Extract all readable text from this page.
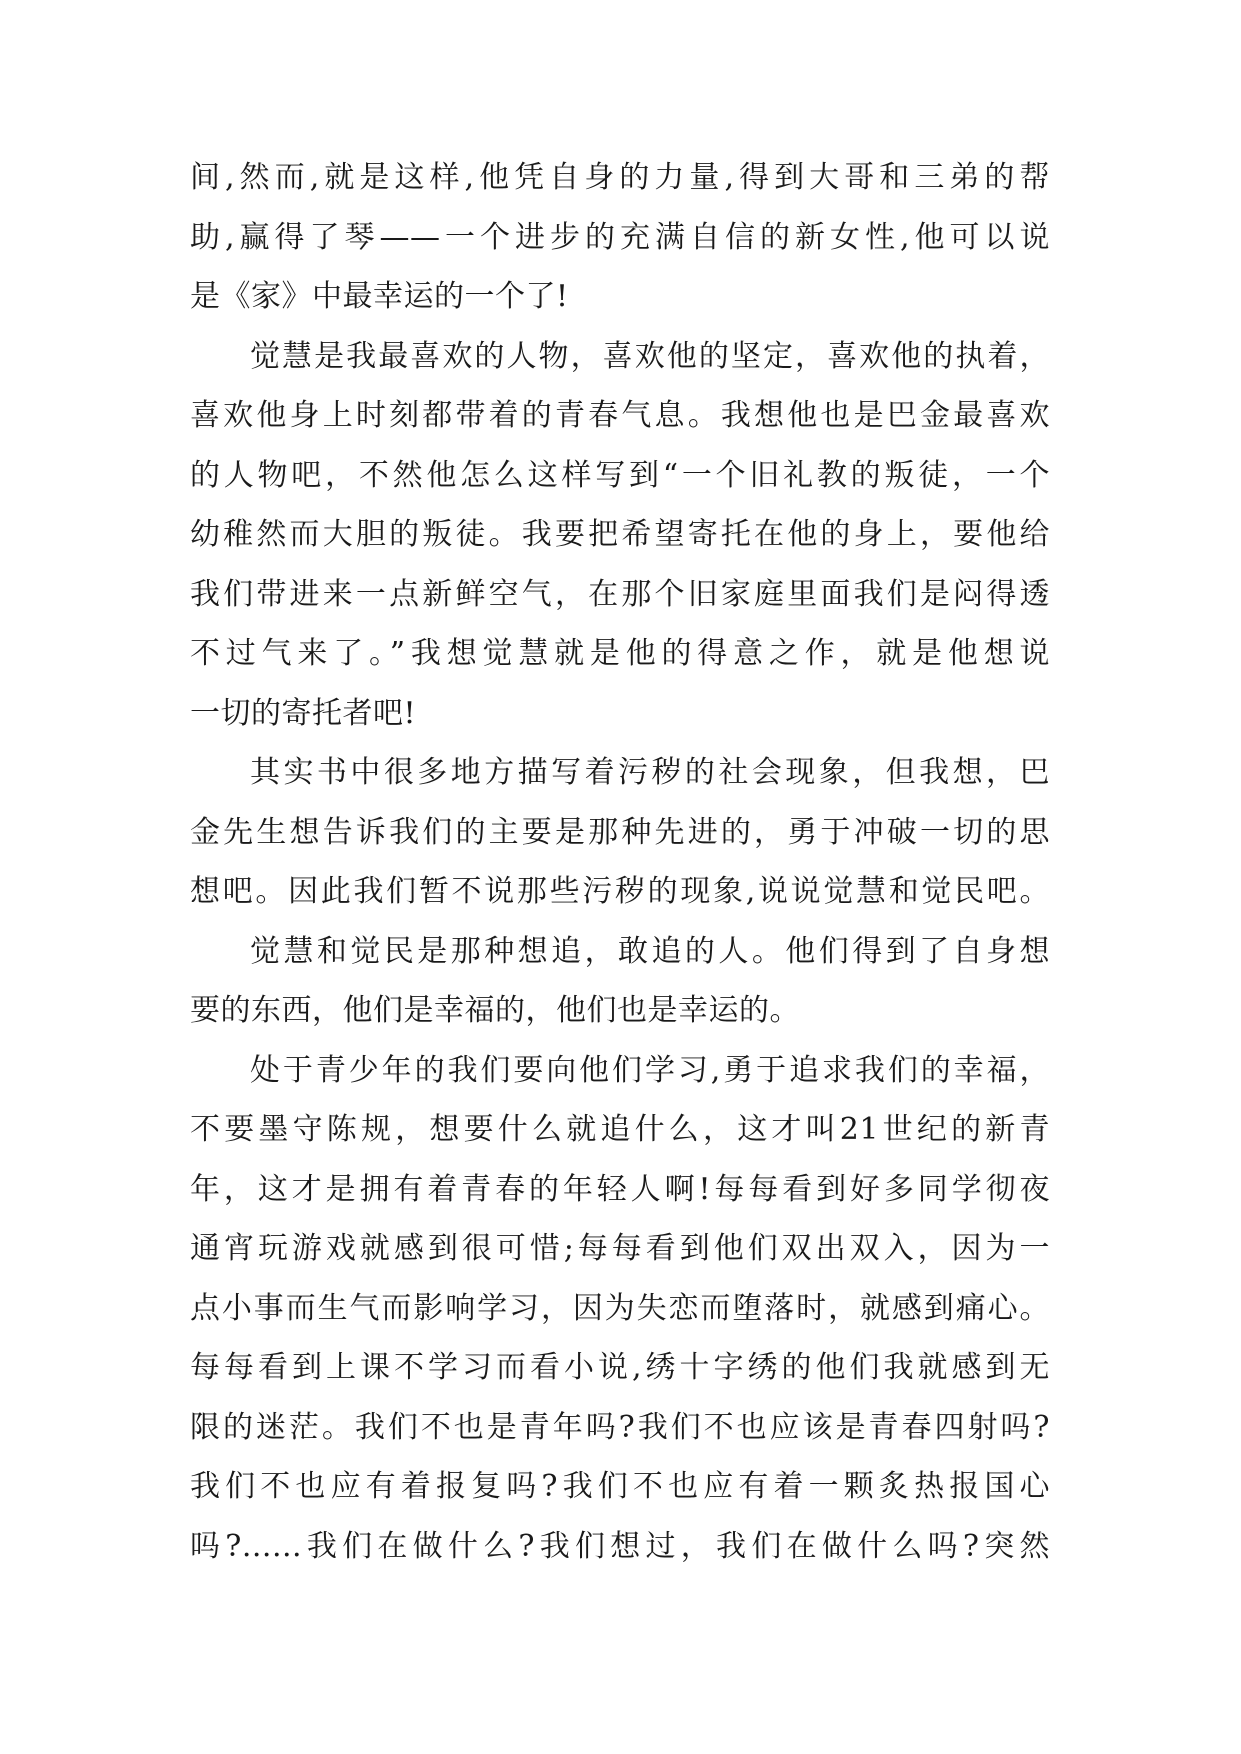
间,然而,就是这样,他凭自身的力量,得到大哥和三弟的帮
助,赢得了琴——一个进步的充满自信的新女性,他可以说
是《家》中最幸运的一个了!
觉慧是我最喜欢的人物，喜欢他的坚定，喜欢他的执着，
喜欢他身上时刻都带着的青春气息。我想他也是巴金最喜欢
的人物吧，不然他怎么这样写到“一个旧礼教的叛徒，一个
幼稚然而大胆的叛徒。我要把希望寄托在他的身上，要他给
我们带进来一点新鲜空气，在那个旧家庭里面我们是闷得透
不过气来了。”我想觉慧就是他的得意之作，就是他想说
一切的寄托者吧!
其实书中很多地方描写着污秽的社会现象，但我想，巴
金先生想告诉我们的主要是那种先进的，勇于冲破一切的思
想吧。因此我们暂不说那些污秽的现象,说说觉慧和觉民吧。
觉慧和觉民是那种想追，敢追的人。他们得到了自身想
要的东西，他们是幸福的，他们也是幸运的。
处于青少年的我们要向他们学习,勇于追求我们的幸福，
不要墨守陈规，想要什么就追什么，这才叫21世纪的新青
年，这才是拥有着青春的年轻人啊!每每看到好多同学彻夜
通宵玩游戏就感到很可惜;每每看到他们双出双入，因为一
点小事而生气而影响学习，因为失恋而堕落时，就感到痛心。
每每看到上课不学习而看小说,绣十字绣的他们我就感到无
限的迷茫。我们不也是青年吗?我们不也应该是青春四射吗?
我们不也应有着报复吗?我们不也应有着一颗炙热报国心
吗?......我们在做什么?我们想过，我们在做什么吗?突然
